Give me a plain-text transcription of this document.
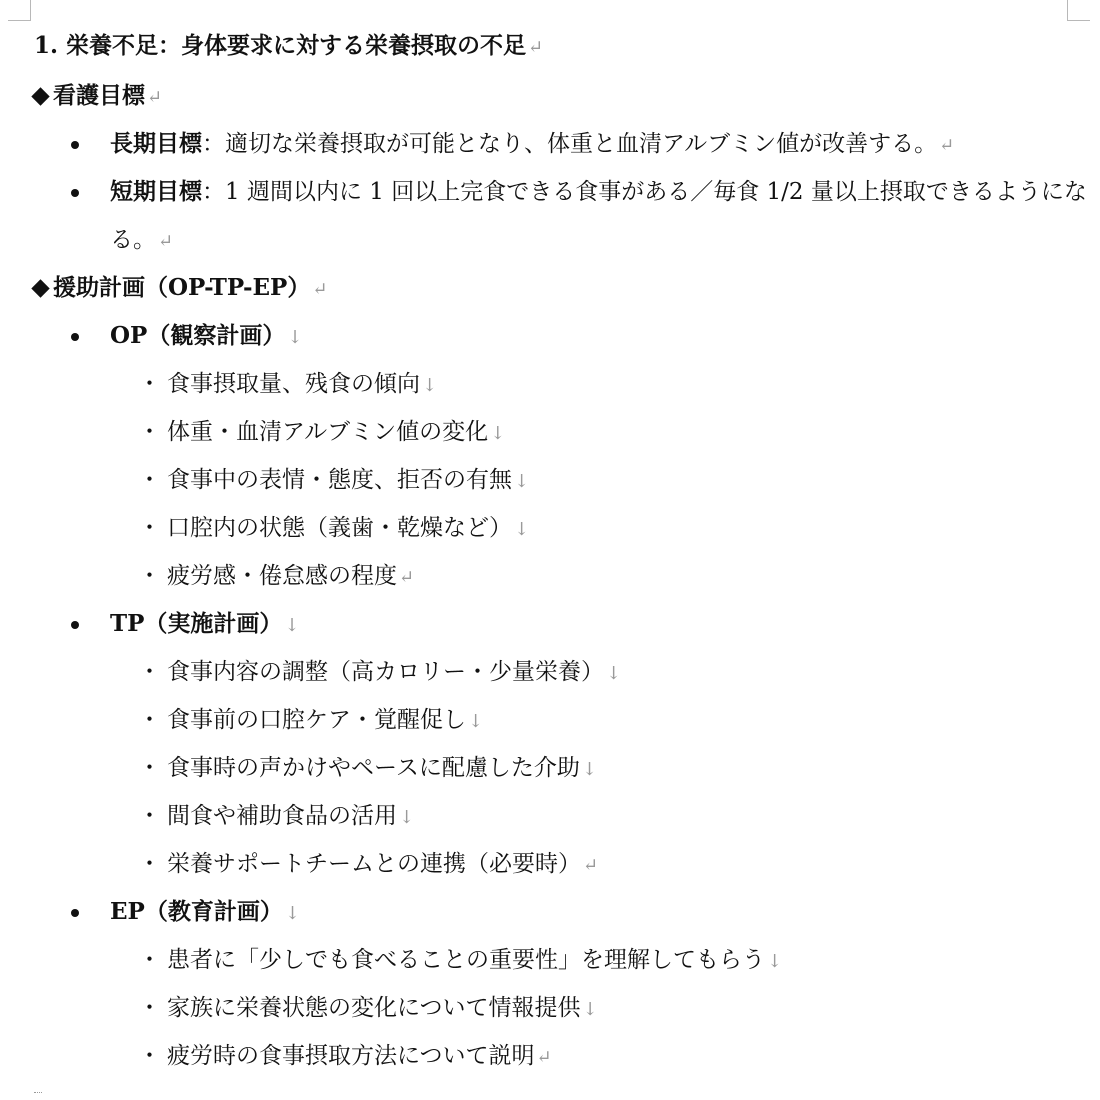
1. 栄養不足：身体要求に対する栄養摂取の不足 ↵
看護目標 ↵
長期目標：適切な栄養摂取が可能となり、体重と血清アルブミン値が改善する。 ↵
短期目標：1 週間以内に 1 回以上完食できる食事がある／毎食 1/2 量以上摂取できるようにな
る。 ↵
援助計画（OP-TP-EP） ↵
OP（観察計画） ↓
・ 食事摂取量、残食の傾向 ↓
・ 体重・血清アルブミン値の変化 ↓
・ 食事中の表情・態度、拒否の有無 ↓
・ 口腔内の状態（義歯・乾燥など） ↓
・ 疲労感・倦怠感の程度 ↵
TP（実施計画） ↓
・ 食事内容の調整（高カロリー・少量栄養） ↓
・ 食事前の口腔ケア・覚醒促し ↓
・ 食事時の声かけやペースに配慮した介助 ↓
・ 間食や補助食品の活用 ↓
・ 栄養サポートチームとの連携（必要時） ↵
EP（教育計画） ↓
・ 患者に「少しでも食べることの重要性」を理解してもらう ↓
・ 家族に栄養状態の変化について情報提供 ↓
・ 疲労時の食事摂取方法について説明 ↵
